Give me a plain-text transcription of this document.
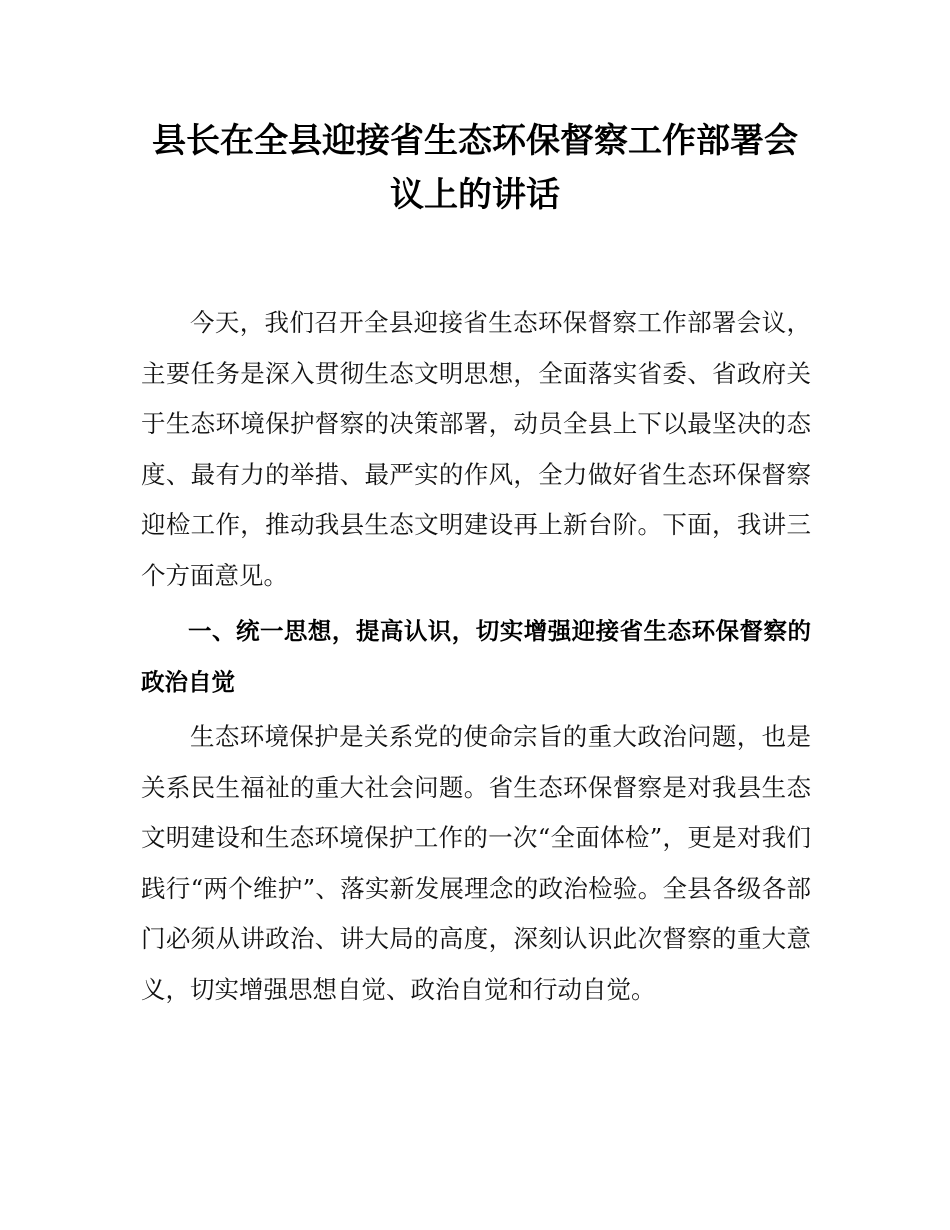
县长在全县迎接省生态环保督察工作部署会议上的讲话

今天，我们召开全县迎接省生态环保督察工作部署会议，主要任务是深入贯彻生态文明思想，全面落实省委、省政府关于生态环境保护督察的决策部署，动员全县上下以最坚决的态度、最有力的举措、最严实的作风，全力做好省生态环保督察迎检工作，推动我县生态文明建设再上新台阶。下面，我讲三个方面意见。

一、统一思想，提高认识，切实增强迎接省生态环保督察的政治自觉

生态环境保护是关系党的使命宗旨的重大政治问题，也是关系民生福祉的重大社会问题。省生态环保督察是对我县生态文明建设和生态环境保护工作的一次“全面体检”，更是对我们践行“两个维护”、落实新发展理念的政治检验。全县各级各部门必须从讲政治、讲大局的高度，深刻认识此次督察的重大意义，切实增强思想自觉、政治自觉和行动自觉。
